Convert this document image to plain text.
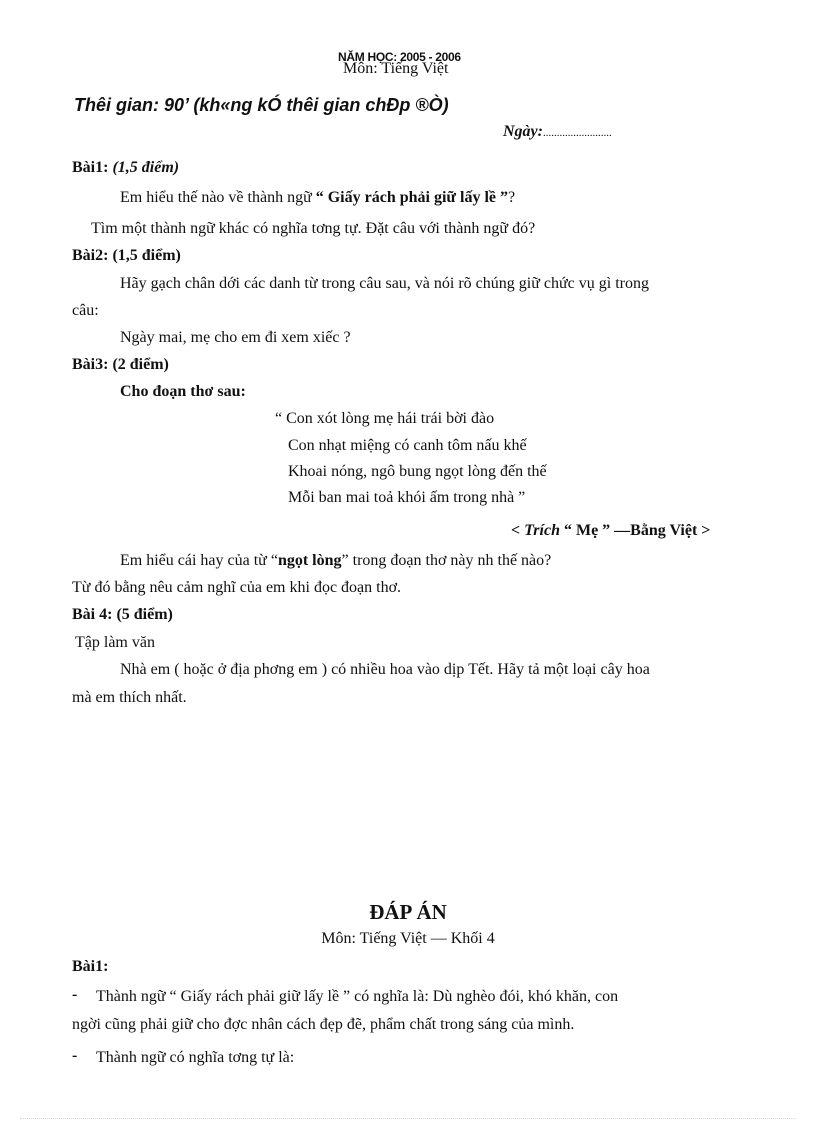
NĂM HỌC: 2005 - 2006
Môn: Tiếng Việt
Thêi gian: 90’ (kh«ng kÓ thêi gian chÐp ®Ò)
Ngày:.........................
Bài1: (1,5 điểm)
Em hiểu thế nào về thành ngữ “ Giấy rách phải giữ lấy lề ”?
Tìm một thành ngữ khác có nghĩa tơng tự. Đặt câu với thành ngữ đó?
Bài2: (1,5 điểm)
Hãy gạch chân dới các danh từ trong câu sau, và nói rõ chúng giữ chức vụ gì trong
câu:
Ngày mai, mẹ cho em đi xem xiếc ?
Bài3: (2 điểm)
Cho đoạn thơ sau:
“ Con xót lòng mẹ hái trái bời đào
Con nhạt miệng có canh tôm nấu khế
Khoai nóng, ngô bung ngọt lòng đến thế
Mỗi ban mai toả khói ấm trong nhà ”
< Trích “ Mẹ ” —Bằng Việt >
Em hiểu cái hay của từ “ngọt lòng” trong đoạn thơ này nh thế nào?
Từ đó bằng nêu cảm nghĩ của em khi đọc đoạn thơ.
Bài 4: (5 điểm)
Tập làm văn
Nhà em ( hoặc ở địa phơng em ) có nhiều hoa vào dịp Tết. Hãy tả một loại cây hoa
mà em thích nhất.
ĐÁP ÁN
Môn: Tiếng Việt — Khối 4
Bài1:
- Thành ngữ “ Giấy rách phải giữ lấy lề ” có nghĩa là: Dù nghèo đói, khó khăn, con
ngời cũng phải giữ cho đợc nhân cách đẹp đẽ, phẩm chất trong sáng của mình.
- Thành ngữ có nghĩa tơng tự là:
